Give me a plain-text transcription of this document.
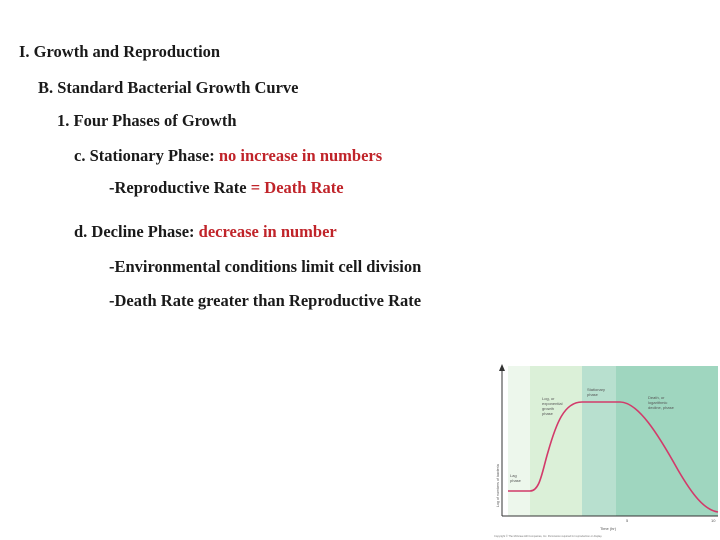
I. Growth and Reproduction
B. Standard Bacterial Growth Curve
1. Four Phases of Growth
c. Stationary Phase: no increase in numbers
-Reproductive Rate = Death Rate
d. Decline Phase: decrease in number
-Environmental conditions limit cell division
-Death Rate greater than Reproductive Rate
Lag phase
Log, or exponential growth phase
Stationary phase
Death, or logarithmic decline, phase
Log of numbers of bacteria
5	10
Time (hr)
Copyright © The McGraw-Hill Companies, Inc. Permission required for reproduction or display.
